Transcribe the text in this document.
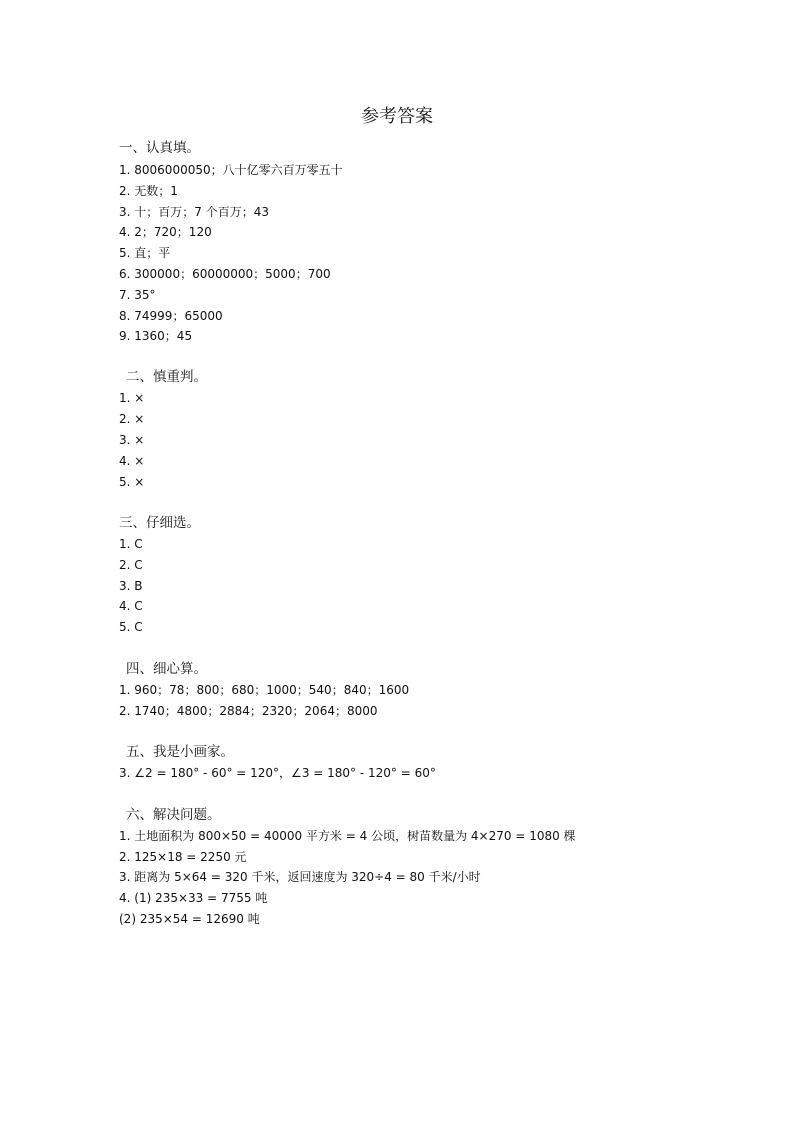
参考答案
一、认真填。
1. 8006000050；八十亿零六百万零五十
2. 无数；1
3. 十；百万；7 个百万；43
4. 2；720；120
5. 直；平
6. 300000；60000000；5000；700
7. 35°
8. 74999；65000
9. 1360；45
二、慎重判。
1. ×
2. ×
3. ×
4. ×
5. ×
三、仔细选。
1. C
2. C
3. B
4. C
5. C
四、细心算。
1. 960；78；800；680；1000；540；840；1600
2. 1740；4800；2884；2320；2064；8000
五、我是小画家。
3. ∠2 = 180° - 60° = 120°，∠3 = 180° - 120° = 60°
六、解决问题。
1. 土地面积为 800×50 = 40000 平方米 = 4 公顷，树苗数量为 4×270 = 1080 棵
2. 125×18 = 2250 元
3. 距离为 5×64 = 320 千米，返回速度为 320÷4 = 80 千米/小时
4. (1) 235×33 = 7755 吨
(2) 235×54 = 12690 吨
